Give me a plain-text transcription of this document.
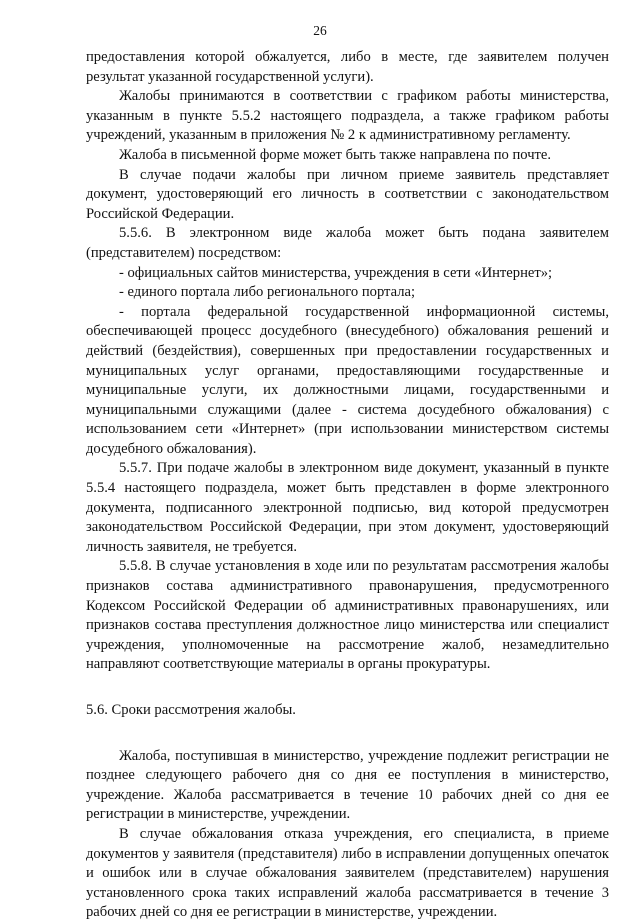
26

предоставления которой обжалуется, либо в месте, где заявителем получен результат указанной государственной услуги).

Жалобы принимаются в соответствии с графиком работы министерства, указанным в пункте 5.5.2 настоящего подраздела, а также графиком работы учреждений, указанным в приложения № 2 к административному регламенту.

Жалоба в письменной форме может быть также направлена по почте.

В случае подачи жалобы при личном приеме заявитель представляет документ, удостоверяющий его личность в соответствии с законодательством Российской Федерации.

5.5.6. В электронном виде жалоба может быть подана заявителем (представителем) посредством:

- официальных сайтов министерства, учреждения в сети «Интернет»;

- единого портала либо регионального портала;

- портала федеральной государственной информационной системы, обеспечивающей процесс досудебного (внесудебного) обжалования решений и действий (бездействия), совершенных при предоставлении государственных и муниципальных услуг органами, предоставляющими государственные и муниципальные услуги, их должностными лицами, государственными и муниципальными служащими (далее - система досудебного обжалования) с использованием сети «Интернет» (при использовании министерством системы досудебного обжалования).

5.5.7. При подаче жалобы в электронном виде документ, указанный в пункте 5.5.4 настоящего подраздела, может быть представлен в форме электронного документа, подписанного электронной подписью, вид которой предусмотрен законодательством Российской Федерации, при этом документ, удостоверяющий личность заявителя, не требуется.

5.5.8. В случае установления в ходе или по результатам рассмотрения жалобы признаков состава административного правонарушения, предусмотренного Кодексом Российской Федерации об административных правонарушениях, или признаков состава преступления должностное лицо министерства или специалист учреждения, уполномоченные на рассмотрение жалоб, незамедлительно направляют соответствующие материалы в органы прокуратуры.

5.6. Сроки рассмотрения жалобы.

Жалоба, поступившая в министерство, учреждение подлежит регистрации не позднее следующего рабочего дня со дня ее поступления в министерство, учреждение. Жалоба рассматривается в течение 10 рабочих дней со дня ее регистрации в министерстве, учреждении.

В случае обжалования отказа учреждения, его специалиста, в приеме документов у заявителя (представителя) либо в исправлении допущенных опечаток и ошибок или в случае обжалования заявителем (представителем) нарушения установленного срока таких исправлений жалоба рассматривается в течение 3 рабочих дней со дня ее регистрации в министерстве, учреждении.
